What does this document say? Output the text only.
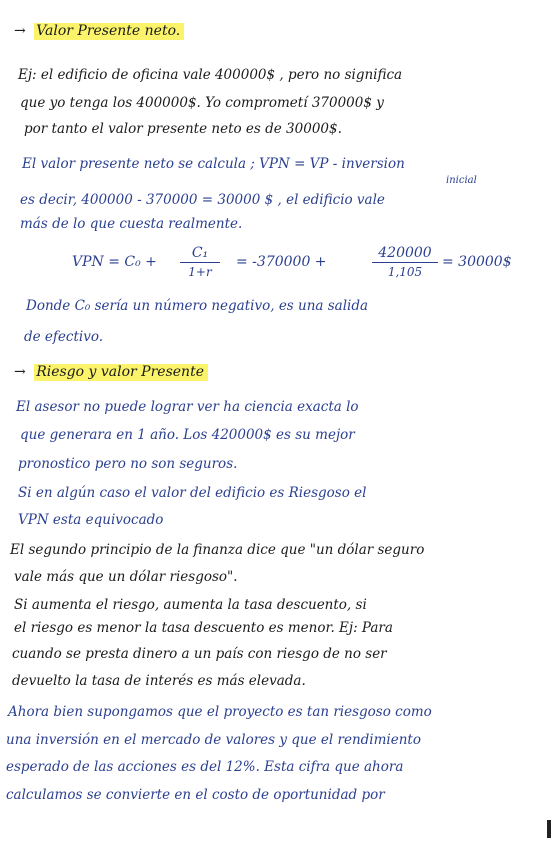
→ Valor Presente neto.
Ej: el edificio de oficina vale 400000$ , pero no significa
que yo tenga los 400000$. Yo comprometí 370000$ y
por tanto el valor presente neto es de 30000$.
El valor presente neto se calcula ; VPN = VP - inversion
inicial
es decir, 400000 - 370000 = 30000 $ , el edificio vale
más de lo que cuesta realmente.
VPN = $C_0 + \frac{\text{C₁}}{1+r} = -370000$ +	$\frac{420000}{1,105}$ = 30000$
Donde C₀ sería un número negativo, es una salida
de efectivo.
→ Riesgo y valor Presente
El asesor no puede lograr ver ha ciencia exacta lo
que generara en 1 año. Los 420000$ es su mejor
pronostico pero no son seguros.
Si en algún caso el valor del edificio es Riesgoso el
VPN esta equivocado
El segundo principio de la finanza dice que "un dólar seguro
vale más que un dólar riesgoso".
Si aumenta el riesgo, aumenta la tasa descuento, si
el riesgo es menor la tasa descuento es menor. Ej: Para
cuando se presta dinero a un país con riesgo de no ser
devuelto la tasa de interés es más elevada.
Ahora bien supongamos que el proyecto es tan riesgoso como
una inversión en el mercado de valores y que el rendimiento
esperado de las acciones es del 12%. Esta cifra que ahora
calculamos se convierte en el costo de oportunidad por
